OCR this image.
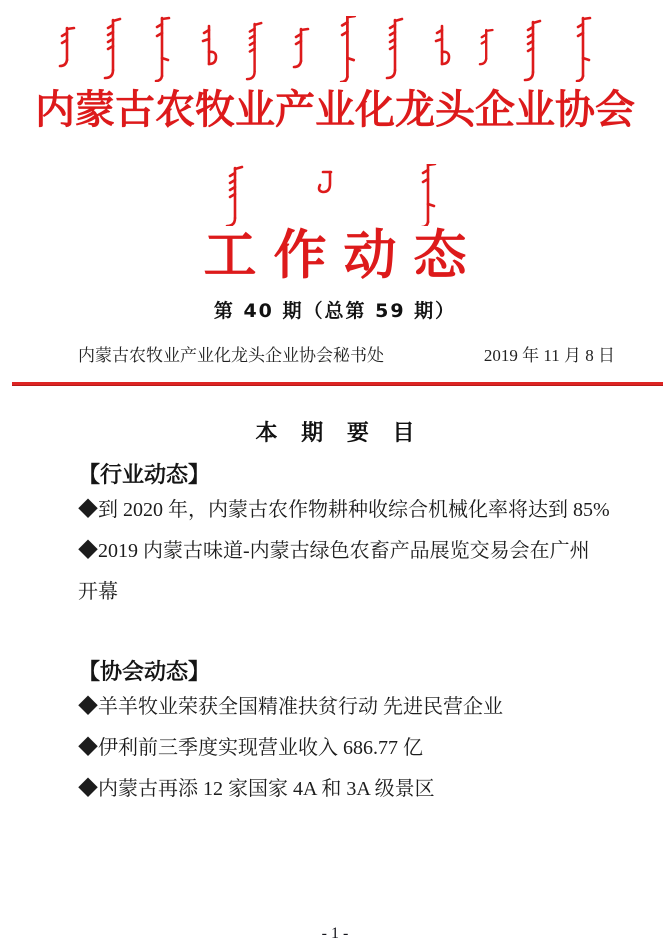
内蒙古农牧业产业化龙头企业协会
工作动态
第 40 期（总第 59 期）
内蒙古农牧业产业化龙头企业协会秘书处	2019 年 11 月 8 日
本 期 要 目
【行业动态】
◆到 2020 年，内蒙古农作物耕种收综合机械化率将达到 85%
◆2019 内蒙古味道-内蒙古绿色农畜产品展览交易会在广州
开幕
【协会动态】
◆羊羊牧业荣获全国精准扶贫行动 先进民营企业
◆伊利前三季度实现营业收入 686.77 亿
◆内蒙古再添 12 家国家 4A 和 3A 级景区
- 1 -
